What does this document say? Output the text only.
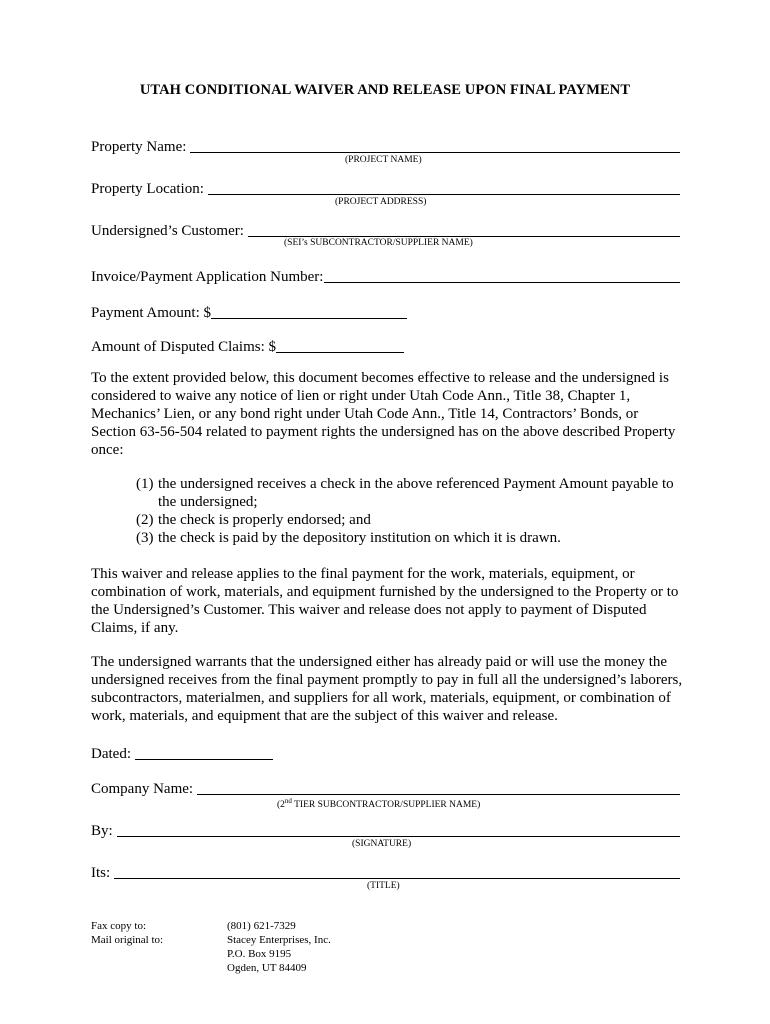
UTAH CONDITIONAL WAIVER AND RELEASE UPON FINAL PAYMENT
Property Name:
(PROJECT NAME)
Property Location:
(PROJECT ADDRESS)
Undersigned’s Customer:
(SEI’s SUBCONTRACTOR/SUPPLIER NAME)
Invoice/Payment Application Number:
Payment Amount: $
Amount of Disputed Claims: $

To the extent provided below, this document becomes effective to release and the undersigned is considered to waive any notice of lien or right under Utah Code Ann., Title 38, Chapter 1, Mechanics’ Lien, or any bond right under Utah Code Ann., Title 14, Contractors’ Bonds, or Section 63-56-504 related to payment rights the undersigned has on the above described Property once:

(1) the undersigned receives a check in the above referenced Payment Amount payable to the undersigned;
(2) the check is properly endorsed; and
(3) the check is paid by the depository institution on which it is drawn.

This waiver and release applies to the final payment for the work, materials, equipment, or combination of work, materials, and equipment furnished by the undersigned to the Property or to the Undersigned’s Customer. This waiver and release does not apply to payment of Disputed Claims, if any.

The undersigned warrants that the undersigned either has already paid or will use the money the undersigned receives from the final payment promptly to pay in full all the undersigned’s laborers, subcontractors, materialmen, and suppliers for all work, materials, equipment, or combination of work, materials, and equipment that are the subject of this waiver and release.

Dated:
Company Name:
(2nd TIER SUBCONTRACTOR/SUPPLIER NAME)
By:
(SIGNATURE)
Its:
(TITLE)
Fax copy to:
Mail original to:
(801) 621-7329
Stacey Enterprises, Inc.
P.O. Box 9195
Ogden, UT 84409
